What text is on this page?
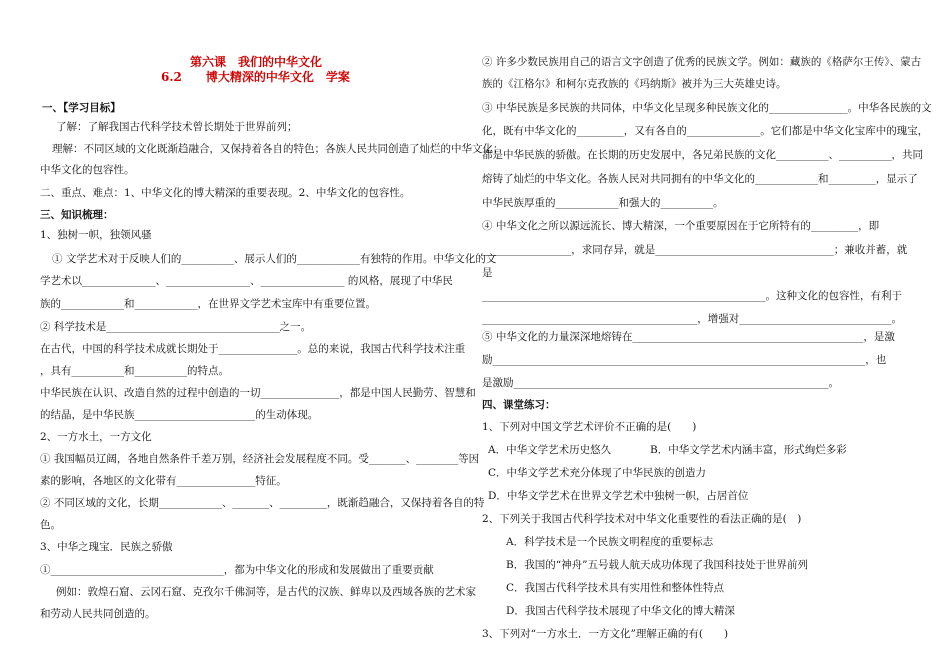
第六课　我们的中华文化
6.2　　博大精深的中华文化　学案
一、【学习目标】
了解：了解我国古代科学技术曾长期处于世界前列；
理解：不同区域的文化既渐趋融合，又保持着各自的特色；各族人民共同创造了灿烂的中华文化；
中华文化的包容性。
二、重点、难点：1、中华文化的博大精深的重要表现。2、中华文化的包容性。
三、知识梳理：
1、独树一帜，独领风骚
① 文学艺术对于反映人们的__________、展示人们的____________有独特的作用。中华文化的文
学艺术以______________、________________、________________ 的风格，展现了中华民
族的____________和____________，在世界文学艺术宝库中有重要位置。
② 科学技术是_________________________________之一。
在古代，中国的科学技术成就长期处于_______________。总的来说，我国古代科学技术注重
，具有__________和__________的特点。
中华民族在认识、改造自然的过程中创造的一切_______________，都是中国人民勤劳、智慧和
的结晶，是中华民族_______________________的生动体现。
2、一方水土，一方文化
① 我国幅员辽阔，各地自然条件千差万别，经济社会发展程度不同。受_______、________等因
素的影响，各地区的文化带有_______________特征。
② 不同区域的文化，长期____________、_______、_________，既渐趋融合，又保持着各自的特
色。
3、中华之瑰宝．民族之骄傲
①_________________________________，都为中华文化的形成和发展做出了重要贡献
例如：敦煌石窟、云冈石窟、克孜尔千佛洞等，是古代的汉族、鲜卑以及西域各族的艺术家
和劳动人民共同创造的。
② 许多少数民族用自己的语言文字创造了优秀的民族文学。例如：藏族的《格萨尔王传》、蒙古
族的《江格尔》和柯尔克孜族的《玛纳斯》被并为三大英雄史诗。
③ 中华民族是多民族的共同体，中华文化呈现多种民族文化的_______________。中华各民族的文
化，既有中华文化的_________，又有各自的______________。它们都是中华文化宝库中的瑰宝，
都是中华民族的骄傲。在长期的历史发展中，各兄弟民族的文化__________、__________，共同
熔铸了灿烂的中华文化。各族人民对共同拥有的中华文化的____________和_________，显示了
中华民族厚重的____________和强大的__________。
④ 中华文化之所以源远流长、博大精深，一个重要原因在于它所特有的_________，即
_________________，求同存异，就是__________________________________；兼收并蓄，就
是
______________________________________________________。这种文化的包容性，有利于
_________________________________________，增强对_____________________________。
⑤ 中华文化的力量深深地熔铸在____________________________________________，是激
励_______________________________________________________________________，也
是激励____________________________________________________________。
四、课堂练习：
1、下列对中国文学艺术评价不正确的是(　　)
A．中华文学艺术历史悠久	B．中华文学艺术内涵丰富，形式绚烂多彩
C．中华文学艺术充分体现了中华民族的创造力
D．中华文学艺术在世界文学艺术中独树一帜，占居首位
2、下列关于我国古代科学技术对中华文化重要性的看法正确的是(　)
A．科学技术是一个民族文明程度的重要标志
B．我国的“神舟”五号载人航天成功体现了我国科技处于世界前列
C．我国古代科学技术具有实用性和整体性特点
D．我国古代科学技术展现了中华文化的博大精深
3、下列对“一方水土．一方文化”理解正确的有(　　)
